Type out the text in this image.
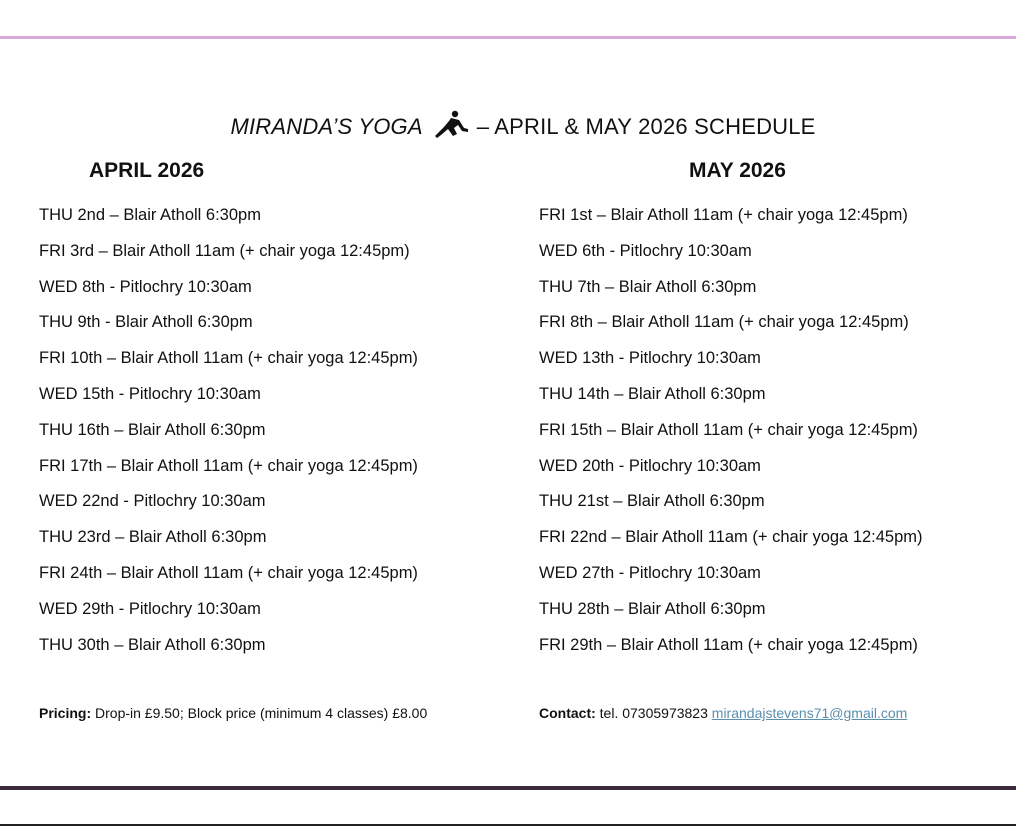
MIRANDA’S YOGA – APRIL & MAY 2026 SCHEDULE
APRIL 2026	MAY 2026
THU 2nd – Blair Atholl 6:30pm
FRI 3rd – Blair Atholl 11am (+ chair yoga 12:45pm)
WED 8th - Pitlochry 10:30am
THU 9th - Blair Atholl 6:30pm
FRI 10th – Blair Atholl 11am (+ chair yoga 12:45pm)
WED 15th - Pitlochry 10:30am
THU 16th – Blair Atholl 6:30pm
FRI 17th – Blair Atholl 11am (+ chair yoga 12:45pm)
WED 22nd - Pitlochry 10:30am
THU 23rd – Blair Atholl 6:30pm
FRI 24th – Blair Atholl 11am (+ chair yoga 12:45pm)
WED 29th - Pitlochry 10:30am
THU 30th – Blair Atholl 6:30pm
FRI 1st – Blair Atholl 11am (+ chair yoga 12:45pm)
WED 6th - Pitlochry 10:30am
THU 7th – Blair Atholl 6:30pm
FRI 8th – Blair Atholl 11am (+ chair yoga 12:45pm)
WED 13th - Pitlochry 10:30am
THU 14th – Blair Atholl 6:30pm
FRI 15th – Blair Atholl 11am (+ chair yoga 12:45pm)
WED 20th - Pitlochry 10:30am
THU 21st – Blair Atholl 6:30pm
FRI 22nd – Blair Atholl 11am (+ chair yoga 12:45pm)
WED 27th - Pitlochry 10:30am
THU 28th – Blair Atholl 6:30pm
FRI 29th – Blair Atholl 11am (+ chair yoga 12:45pm)
Pricing: Drop-in £9.50; Block price (minimum 4 classes) £8.00	Contact: tel. 07305973823 mirandajstevens71@gmail.com
